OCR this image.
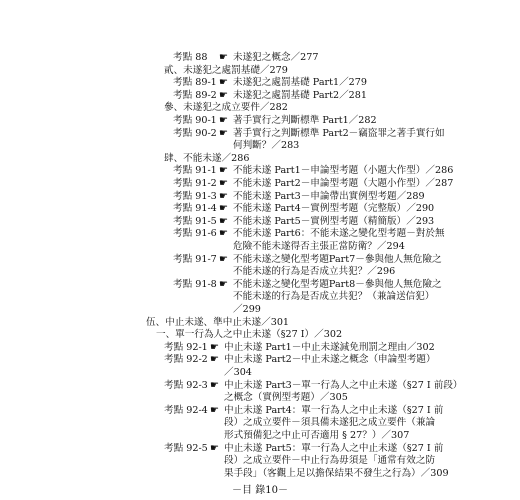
考點 88 ☛ 未遂犯之概念／277
貳、未遂犯之處罰基礎／279
考點 89-1 ☛ 未遂犯之處罰基礎 Part1／279
考點 89-2 ☛ 未遂犯之處罰基礎 Part2／281
參、未遂犯之成立要件／282
考點 90-1 ☛ 著手實行之判斷標準 Part1／282
考點 90-2 ☛ 著手實行之判斷標準 Part2－竊盜罪之著手實行如
何判斷？／283
肆、不能未遂／286
考點 91-1 ☛ 不能未遂 Part1－申論型考題（小題大作型）／286
考點 91-2 ☛ 不能未遂 Part2－申論型考題（大題小作型）／287
考點 91-3 ☛ 不能未遂 Part3－申論帶出實例型考題／289
考點 91-4 ☛ 不能未遂 Part4－實例型考題（完整版）／290
考點 91-5 ☛ 不能未遂 Part5－實例型考題（精簡版）／293
考點 91-6 ☛ 不能未遂 Part6：不能未遂之變化型考題－對於無
危險不能未遂得否主張正當防衛？／294
考點 91-7 ☛ 不能未遂之變化型考題Part7－參與他人無危險之
不能未遂的行為是否成立共犯？／296
考點 91-8 ☛ 不能未遂之變化型考題Part8－參與他人無危險之
不能未遂的行為是否成立共犯？（兼論送信犯）
／299
伍、中止未遂、準中止未遂／301
一、單一行為人之中止未遂（§27 I）／302
考點 92-1 ☛ 中止未遂 Part1－中止未遂減免刑罰之理由／302
考點 92-2 ☛ 中止未遂 Part2－中止未遂之概念（申論型考題）
／304
考點 92-3 ☛ 中止未遂 Part3－單一行為人之中止未遂（§27 I 前段）
之概念（實例型考題）／305
考點 92-4 ☛ 中止未遂 Part4：單一行為人之中止未遂（§27 I 前
段）之成立要件－須具備未遂犯之成立要件（兼論
形式預備犯之中止可否適用 § 27？）／307
考點 92-5 ☛ 中止未遂 Part5：單一行為人之中止未遂（§27 I 前
段）之成立要件－中止行為毋須是「通常有效之防
果手段」（客觀上足以擔保結果不發生之行為）／309
－目 錄10－
